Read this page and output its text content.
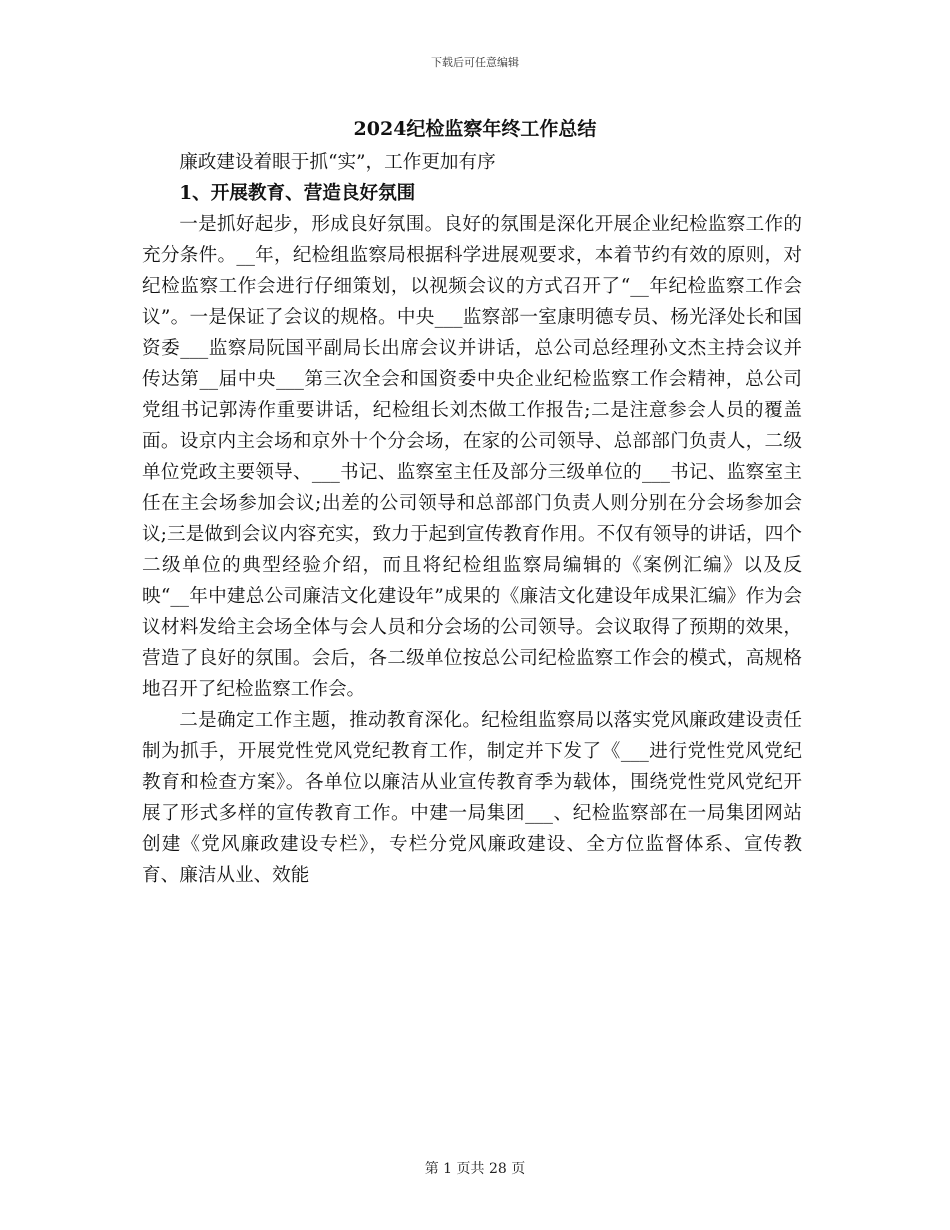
下载后可任意编辑
2024纪检监察年终工作总结

廉政建设着眼于抓“实”，工作更加有序

1、开展教育、营造良好氛围

一是抓好起步，形成良好氛围。良好的氛围是深化开展企业纪检监察工作的充分条件。__年，纪检组监察局根据科学进展观要求，本着节约有效的原则，对纪检监察工作会进行仔细策划，以视频会议的方式召开了“__年纪检监察工作会议”。一是保证了会议的规格。中央___监察部一室康明德专员、杨光泽处长和国资委___监察局阮国平副局长出席会议并讲话，总公司总经理孙文杰主持会议并传达第__届中央___第三次全会和国资委中央企业纪检监察工作会精神，总公司党组书记郭涛作重要讲话，纪检组长刘杰做工作报告;二是注意参会人员的覆盖面。设京内主会场和京外十个分会场，在家的公司领导、总部部门负责人，二级单位党政主要领导、___书记、监察室主任及部分三级单位的___书记、监察室主任在主会场参加会议;出差的公司领导和总部部门负责人则分别在分会场参加会议;三是做到会议内容充实，致力于起到宣传教育作用。不仅有领导的讲话，四个二级单位的典型经验介绍，而且将纪检组监察局编辑的《案例汇编》以及反映“__年中建总公司廉洁文化建设年”成果的《廉洁文化建设年成果汇编》作为会议材料发给主会场全体与会人员和分会场的公司领导。会议取得了预期的效果，营造了良好的氛围。会后，各二级单位按总公司纪检监察工作会的模式，高规格地召开了纪检监察工作会。

二是确定工作主题，推动教育深化。纪检组监察局以落实党风廉政建设责任制为抓手，开展党性党风党纪教育工作，制定并下发了《___进行党性党风党纪教育和检查方案》。各单位以廉洁从业宣传教育季为载体，围绕党性党风党纪开展了形式多样的宣传教育工作。中建一局集团___、纪检监察部在一局集团网站创建《党风廉政建设专栏》，专栏分党风廉政建设、全方位监督体系、宣传教育、廉洁从业、效能

第 1 页共 28 页
